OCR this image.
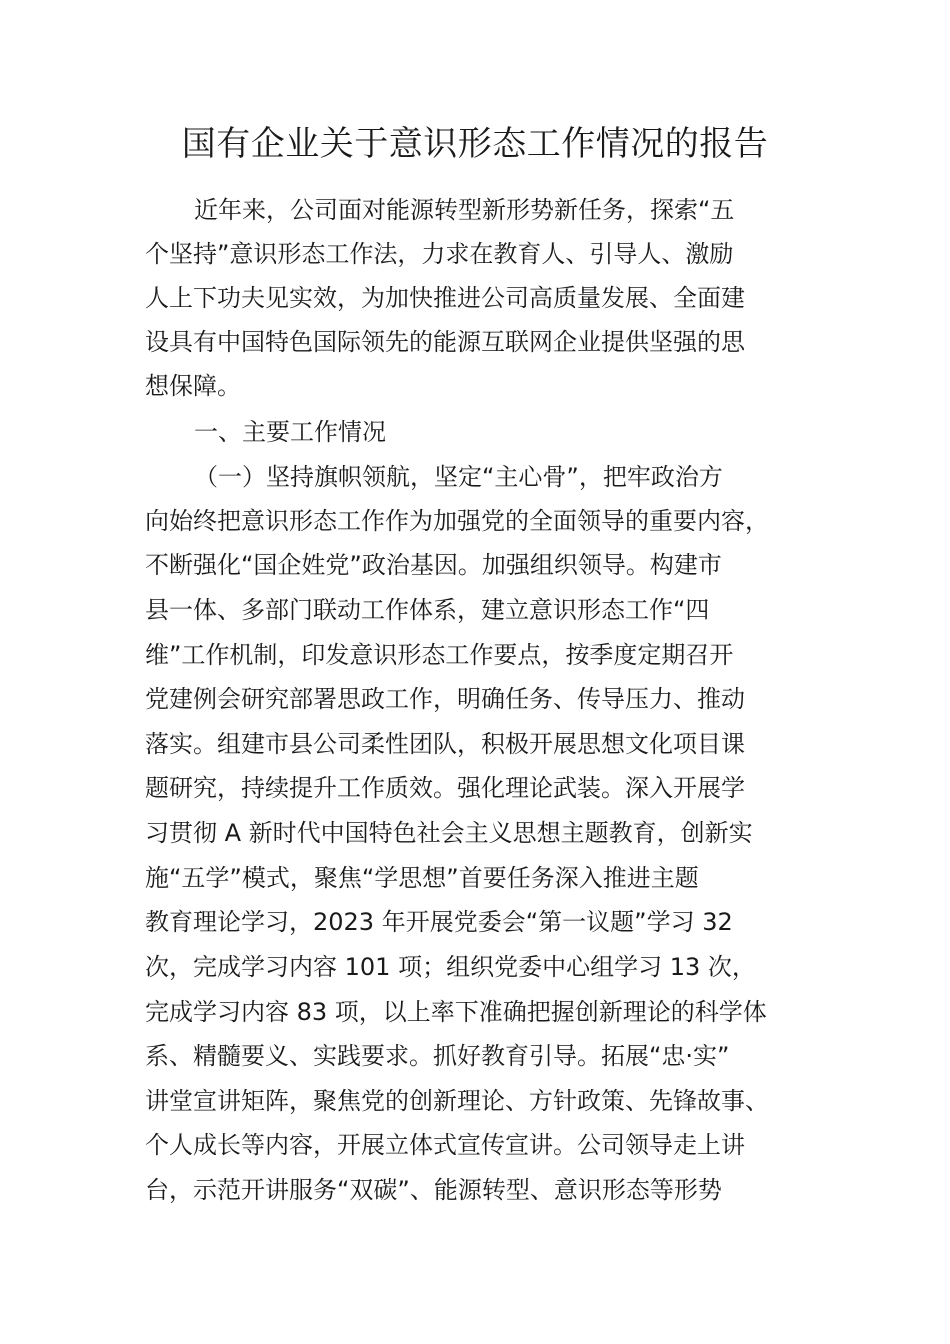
国有企业关于意识形态工作情况的报告

近年来，公司面对能源转型新形势新任务，探索“五

个坚持”意识形态工作法，力求在教育人、引导人、激励

人上下功夫见实效，为加快推进公司高质量发展、全面建

设具有中国特色国际领先的能源互联网企业提供坚强的思

想保障。

一、主要工作情况

（一）坚持旗帜领航，坚定“主心骨”，把牢政治方

向始终把意识形态工作作为加强党的全面领导的重要内容，

不断强化“国企姓党”政治基因。加强组织领导。构建市

县一体、多部门联动工作体系，建立意识形态工作“四

维”工作机制，印发意识形态工作要点，按季度定期召开

党建例会研究部署思政工作，明确任务、传导压力、推动

落实。组建市县公司柔性团队，积极开展思想文化项目课

题研究，持续提升工作质效。强化理论武装。深入开展学

习贯彻 A 新时代中国特色社会主义思想主题教育，创新实

施“五学”模式，聚焦“学思想”首要任务深入推进主题

教育理论学习，2023 年开展党委会“第一议题”学习 32

次，完成学习内容 101 项；组织党委中心组学习 13 次，

完成学习内容 83 项，以上率下准确把握创新理论的科学体

系、精髓要义、实践要求。抓好教育引导。拓展“忠·实”

讲堂宣讲矩阵，聚焦党的创新理论、方针政策、先锋故事、

个人成长等内容，开展立体式宣传宣讲。公司领导走上讲

台，示范开讲服务“双碳”、能源转型、意识形态等形势
